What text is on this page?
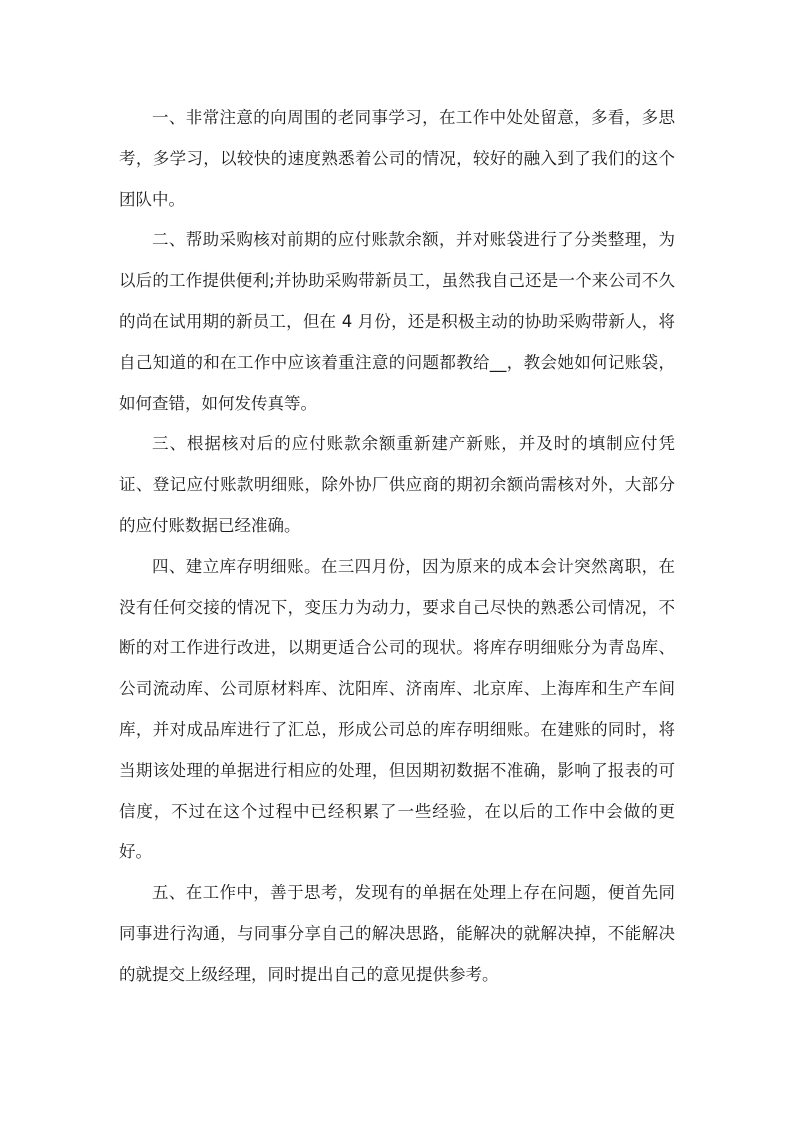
一、非常注意的向周围的老同事学习，在工作中处处留意，多看，多思考，多学习，以较快的速度熟悉着公司的情况，较好的融入到了我们的这个团队中。

二、帮助采购核对前期的应付账款余额，并对账袋进行了分类整理，为以后的工作提供便利;并协助采购带新员工，虽然我自己还是一个来公司不久的尚在试用期的新员工，但在 4 月份，还是积极主动的协助采购带新人，将自己知道的和在工作中应该着重注意的问题都教给__，教会她如何记账袋，如何查错，如何发传真等。

三、根据核对后的应付账款余额重新建产新账，并及时的填制应付凭证、登记应付账款明细账，除外协厂供应商的期初余额尚需核对外，大部分的应付账数据已经准确。

四、建立库存明细账。在三四月份，因为原来的成本会计突然离职，在没有任何交接的情况下，变压力为动力，要求自己尽快的熟悉公司情况，不断的对工作进行改进，以期更适合公司的现状。将库存明细账分为青岛库、公司流动库、公司原材料库、沈阳库、济南库、北京库、上海库和生产车间库，并对成品库进行了汇总，形成公司总的库存明细账。在建账的同时，将当期该处理的单据进行相应的处理，但因期初数据不准确，影响了报表的可信度，不过在这个过程中已经积累了一些经验，在以后的工作中会做的更好。

五、在工作中，善于思考，发现有的单据在处理上存在问题，便首先同同事进行沟通，与同事分享自己的解决思路，能解决的就解决掉，不能解决的就提交上级经理，同时提出自己的意见提供参考。
